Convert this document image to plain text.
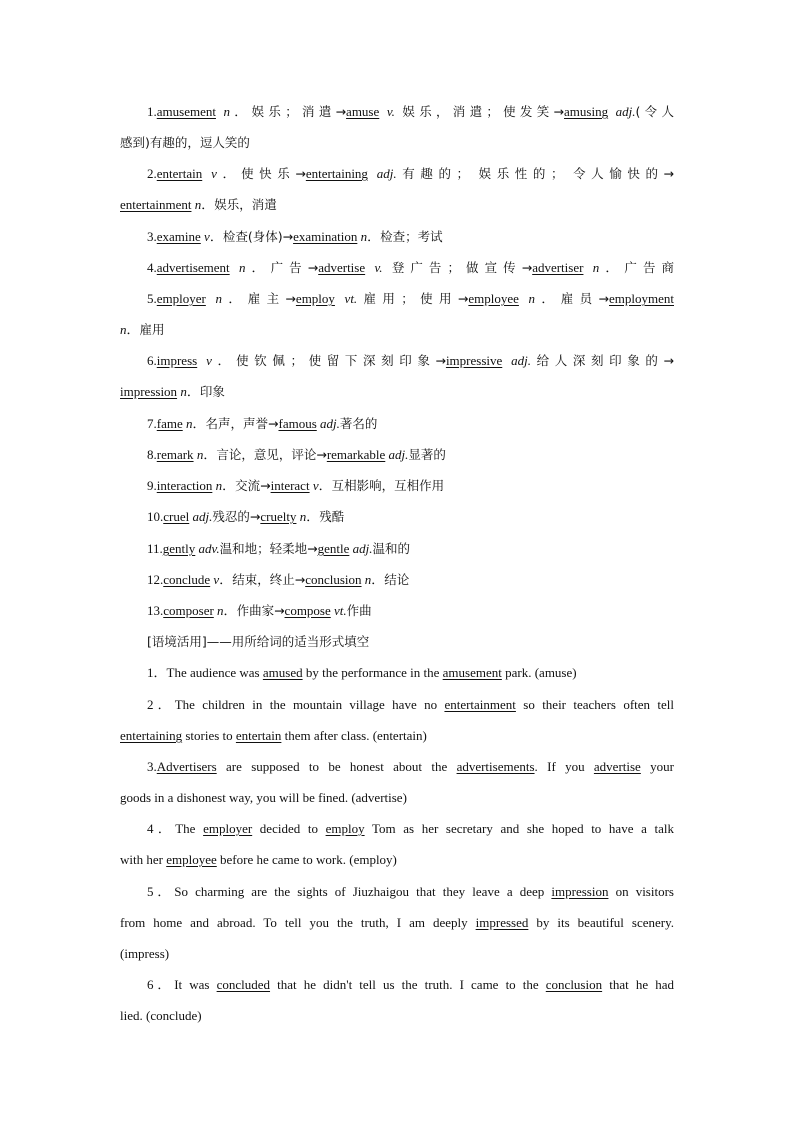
1.amusement n．娱乐；消遣→amuse v. 娱乐，消遣；使发笑→amusing adj.(令人
感到)有趣的，逗人笑的
2.entertain v．使快乐→entertaining adj.有趣的； 娱乐性的； 令人愉快的→
entertainment n．娱乐，消遣
3.examine v．检查(身体)→examination n．检查；考试
4.advertisement n．广告→advertise v. 登广告；做宣传→advertiser n．广告商
5.employer n．雇主→employ vt.雇用；使用→employee n．雇员→employment
n．雇用
6.impress v．使钦佩；使留下深刻印象→impressive adj.给人深刻印象的→
impression n．印象
7.fame n．名声，声誉→famous adj.著名的
8.remark n．言论，意见，评论→remarkable adj.显著的
9.interaction n．交流→interact v．互相影响，互相作用
10.cruel adj.残忍的→cruelty n．残酷
11.gently adv.温和地；轻柔地→gentle adj.温和的
12.conclude v．结束，终止→conclusion n．结论
13.composer n．作曲家→compose vt.作曲
[语境活用]——用所给词的适当形式填空
1．The audience was amused by the performance in the amusement park. (amuse)
2．The children in the mountain village have no entertainment so their teachers often tell
entertaining stories to entertain them after class. (entertain)
3.Advertisers are supposed to be honest about the advertisements. If you advertise your
goods in a dishonest way, you will be fined. (advertise)
4．The employer decided to employ Tom as her secretary and she hoped to have a talk
with her employee before he came to work. (employ)
5．So charming are the sights of Jiuzhaigou that they leave a deep impression on visitors
from home and abroad. To tell you the truth, I am deeply impressed by its beautiful scenery.
(impress)
6．It was concluded that he didn't tell us the truth. I came to the conclusion that he had
lied. (conclude)
